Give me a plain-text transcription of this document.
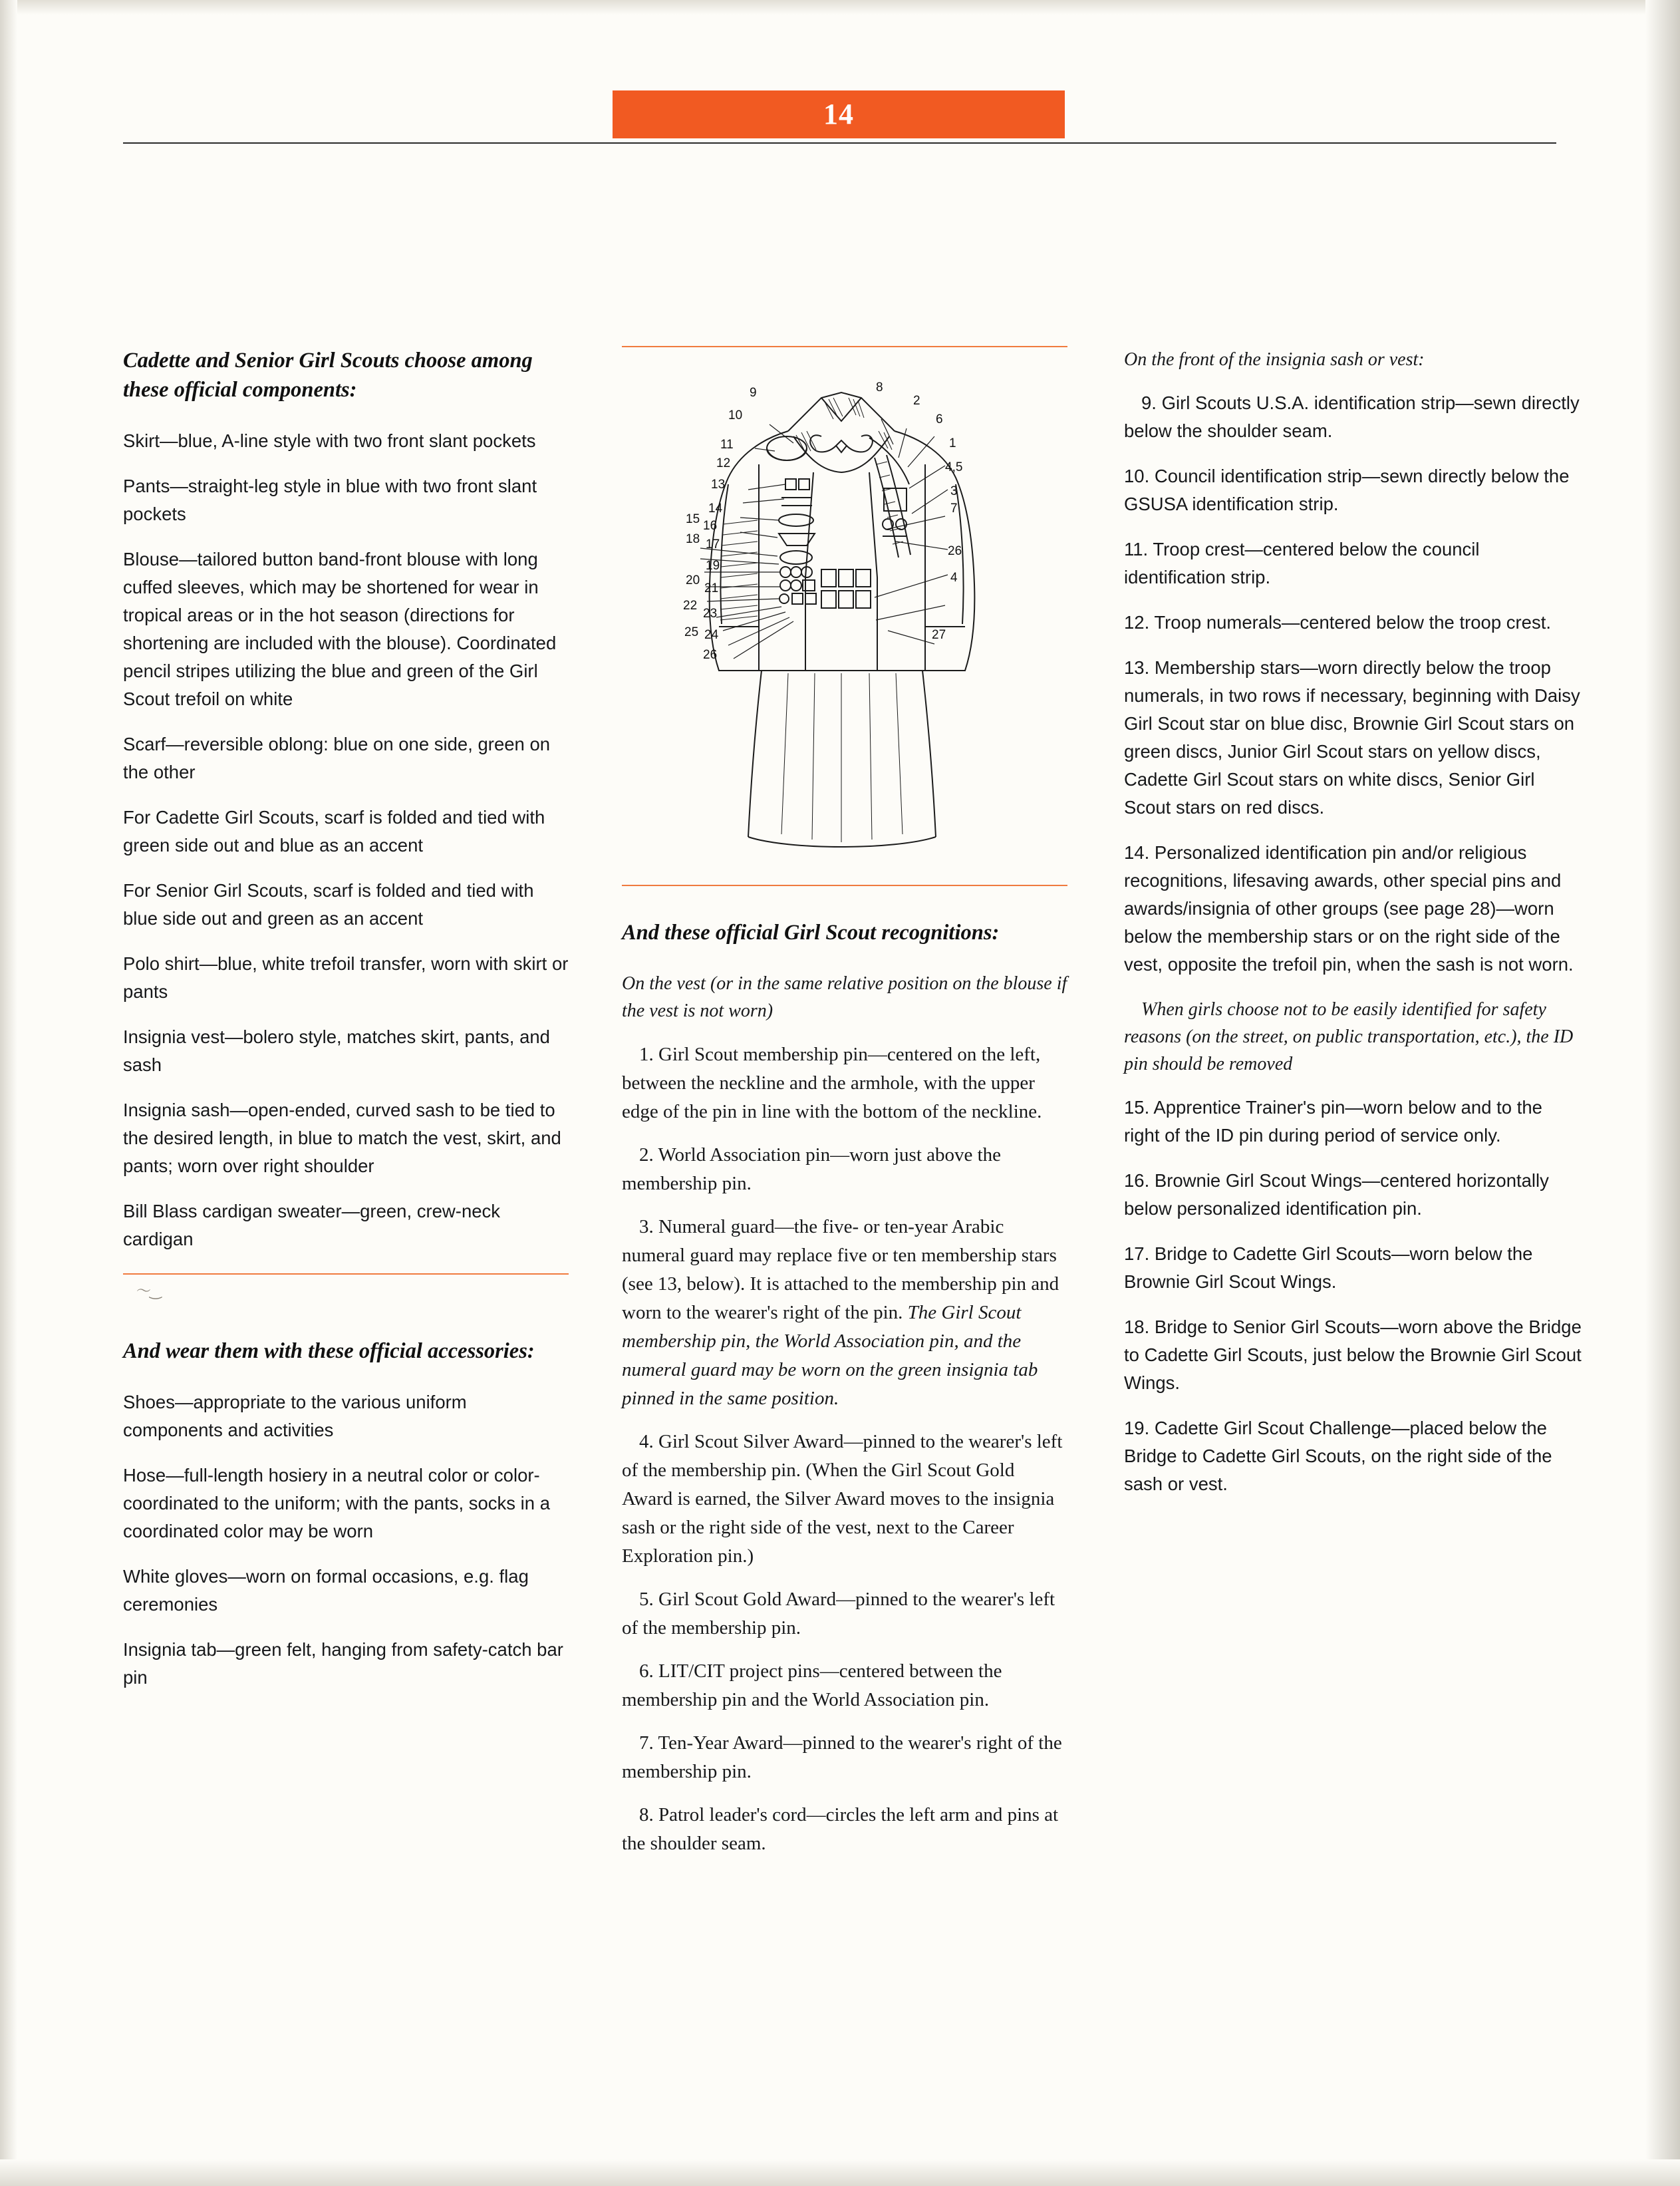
14
Cadette and Senior Girl Scouts choose among these official components:

Skirt—blue, A-line style with two front slant pockets

Pants—straight-leg style in blue with two front slant pockets

Blouse—tailored button band-front blouse with long cuffed sleeves, which may be shortened for wear in tropical areas or in the hot season (directions for shortening are included with the blouse). Coordinated pencil stripes utilizing the blue and green of the Girl Scout trefoil on white

Scarf—reversible oblong: blue on one side, green on the other

For Cadette Girl Scouts, scarf is folded and tied with green side out and blue as an accent

For Senior Girl Scouts, scarf is folded and tied with blue side out and green as an accent

Polo shirt—blue, white trefoil transfer, worn with skirt or pants

Insignia vest—bolero style, matches skirt, pants, and sash

Insignia sash—open-ended, curved sash to be tied to the desired length, in blue to match the vest, skirt, and pants; worn over right shoulder

Bill Blass cardigan sweater—green, crew-neck cardigan

〜‿
And wear them with these official accessories:

Shoes—appropriate to the various uniform components and activities

Hose—full-length hosiery in a neutral color or color-coordinated to the uniform; with the pants, socks in a coordinated color may be worn

White gloves—worn on formal occasions, e.g. flag ceremonies

Insignia tab—green felt, hanging from safety-catch bar pin

9
10
11
12
13
14
15 16
18 17
19
20
21
22
23
25 24
26
8
2
6
1
4,5
3
7
26
4
27
And these official Girl Scout recognitions:

On the vest (or in the same relative position on the blouse if the vest is not worn)

1. Girl Scout membership pin—centered on the left, between the neckline and the armhole, with the upper edge of the pin in line with the bottom of the neckline.

2. World Association pin—worn just above the membership pin.

3. Numeral guard—the five- or ten-year Arabic numeral guard may replace five or ten membership stars (see 13, below). It is attached to the membership pin and worn to the wearer's right of the pin. The Girl Scout membership pin, the World Association pin, and the numeral guard may be worn on the green insignia tab pinned in the same position.

4. Girl Scout Silver Award—pinned to the wearer's left of the membership pin. (When the Girl Scout Gold Award is earned, the Silver Award moves to the insignia sash or the right side of the vest, next to the Career Exploration pin.)

5. Girl Scout Gold Award—pinned to the wearer's left of the membership pin.

6. LIT/CIT project pins—centered between the membership pin and the World Association pin.

7. Ten-Year Award—pinned to the wearer's right of the membership pin.

8. Patrol leader's cord—circles the left arm and pins at the shoulder seam.

On the front of the insignia sash or vest:

9. Girl Scouts U.S.A. identification strip—sewn directly below the shoulder seam.

10. Council identification strip—sewn directly below the GSUSA identification strip.

11. Troop crest—centered below the council identification strip.

12. Troop numerals—centered below the troop crest.

13. Membership stars—worn directly below the troop numerals, in two rows if necessary, beginning with Daisy Girl Scout star on blue disc, Brownie Girl Scout stars on green discs, Junior Girl Scout stars on yellow discs, Cadette Girl Scout stars on white discs, Senior Girl Scout stars on red discs.

14. Personalized identification pin and/or religious recognitions, lifesaving awards, other special pins and awards/insignia of other groups (see page 28)—worn below the membership stars or on the right side of the vest, opposite the trefoil pin, when the sash is not worn.

When girls choose not to be easily identified for safety reasons (on the street, on public transportation, etc.), the ID pin should be removed

15. Apprentice Trainer's pin—worn below and to the right of the ID pin during period of service only.

16. Brownie Girl Scout Wings—centered horizontally below personalized identification pin.

17. Bridge to Cadette Girl Scouts—worn below the Brownie Girl Scout Wings.

18. Bridge to Senior Girl Scouts—worn above the Bridge to Cadette Girl Scouts, just below the Brownie Girl Scout Wings.

19. Cadette Girl Scout Challenge—placed below the Bridge to Cadette Girl Scouts, on the right side of the sash or vest.
